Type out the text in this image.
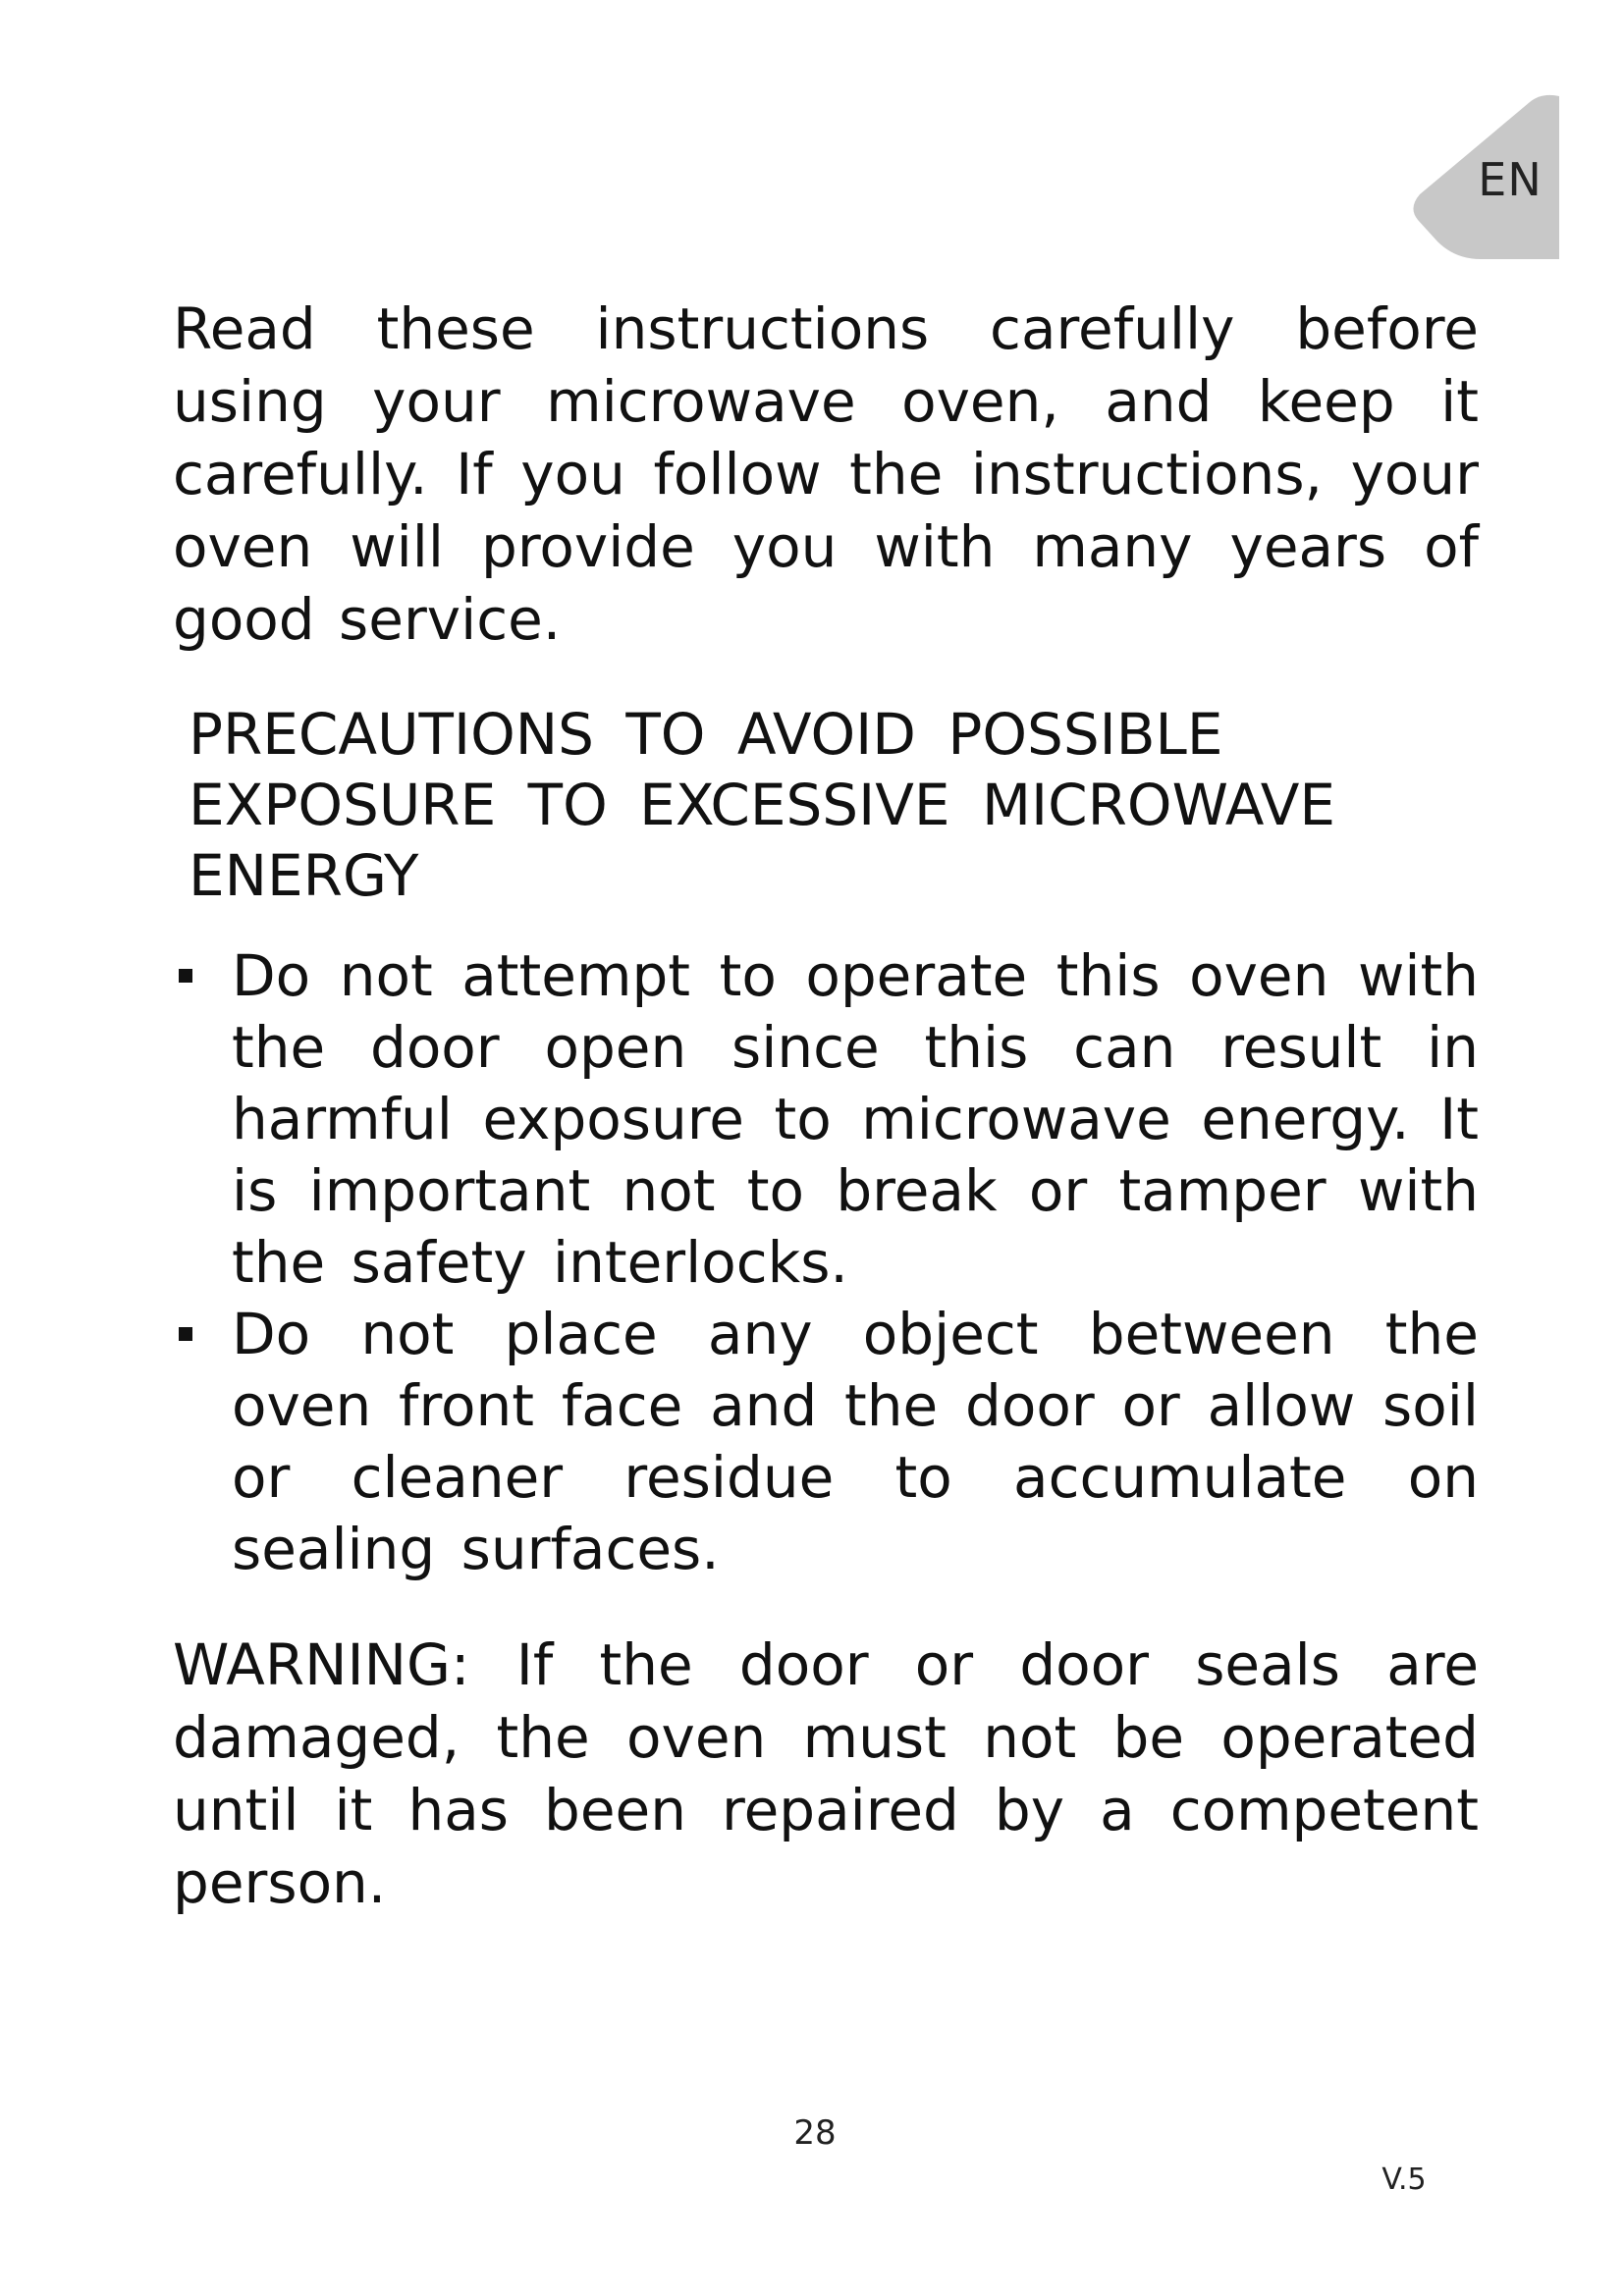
EN

Read these instructions carefully before using your microwave oven, and keep it carefully. If you follow the instructions, your oven will provide you with many years of good service.

PRECAUTIONS TO AVOID POSSIBLE EXPOSURE TO EXCESSIVE MICROWAVE ENERGY
Do not attempt to operate this oven with the door open since this can result in harmful exposure to microwave energy. It is important not to break or tamper with the safety interlocks.
Do not place any object between the oven front face and the door or allow soil or cleaner residue to accumulate on sealing surfaces.

WARNING: If the door or door seals are damaged, the oven must not be operated until it has been repaired by a competent person.

28
V.5
